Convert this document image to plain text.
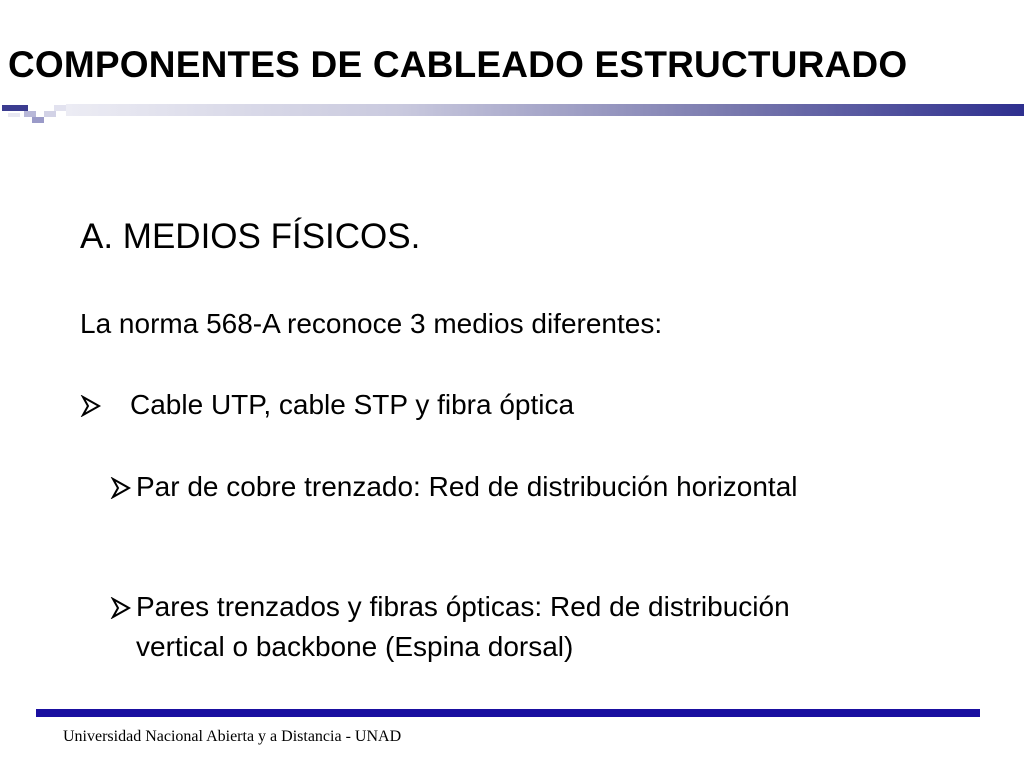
COMPONENTES DE CABLEADO ESTRUCTURADO
A. MEDIOS FÍSICOS.

La norma 568-A reconoce 3 medios diferentes:

Cable UTP, cable STP y fibra óptica
Par de cobre trenzado: Red de distribución horizontal
Pares trenzados y fibras ópticas: Red de distribución vertical o backbone (Espina dorsal)
Universidad Nacional Abierta y a Distancia - UNAD
